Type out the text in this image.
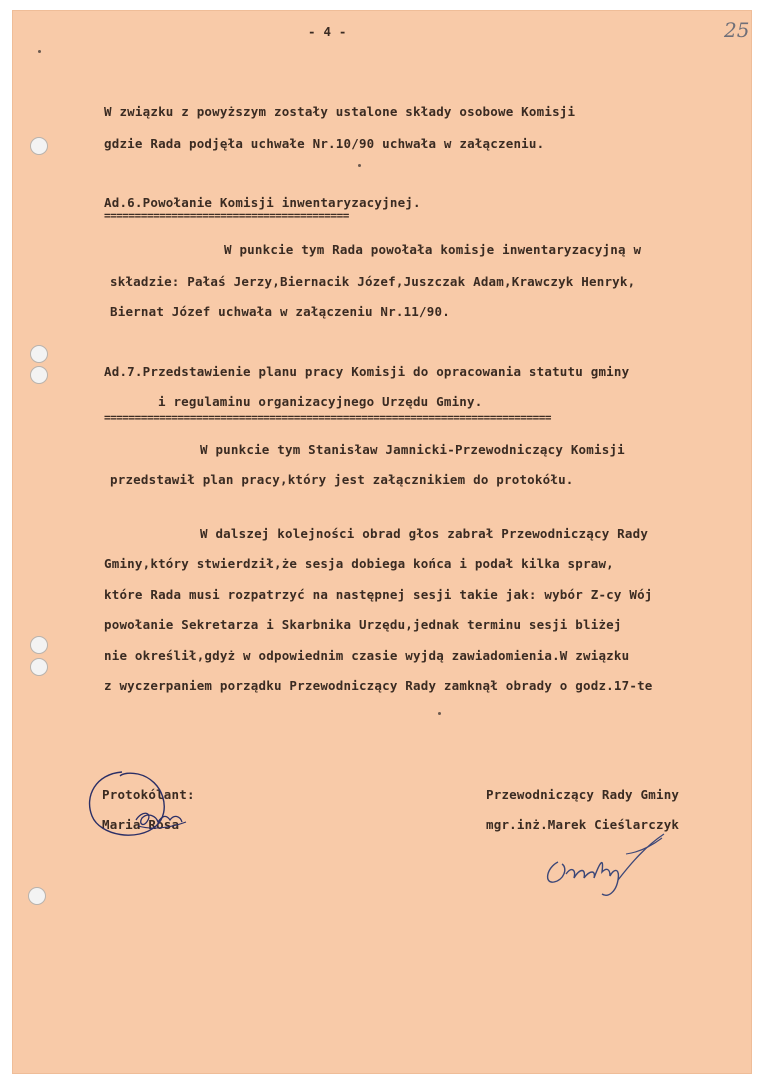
25
- 4 -
W związku z powyższym zostały ustalone składy osobowe Komisji
gdzie Rada podjęła uchwałe Nr.10/90 uchwała w załączeniu.
Ad.6.Powołanie Komisji inwentaryzacyjnej.
========================================
W punkcie tym Rada powołała komisje inwentaryzacyjną w
składzie: Pałaś Jerzy,Biernacik Józef,Juszczak Adam,Krawczyk Henryk,
Biernat Józef uchwała w załączeniu Nr.11/90.
Ad.7.Przedstawienie planu pracy Komisji do opracowania statutu gminy
i regulaminu organizacyjnego Urzędu Gminy.
=========================================================================
W punkcie tym Stanisław Jamnicki-Przewodniczący Komisji
przedstawił plan pracy,który jest załącznikiem do protokółu.
W dalszej kolejności obrad głos zabrał Przewodniczący Rady
Gminy,który stwierdził,że sesja dobiega końca i podał kilka spraw,
które Rada musi rozpatrzyć na następnej sesji takie jak: wybór Z-cy Wój
powołanie Sekretarza i Skarbnika Urzędu,jednak terminu sesji bliżej
nie określił,gdyż w odpowiednim czasie wyjdą zawiadomienia.W związku
z wyczerpaniem porządku Przewodniczący Rady zamknął obrady o godz.17-te
Protokólant:
Maria Rosa
Przewodniczący Rady Gminy
mgr.inż.Marek Cieślarczyk
